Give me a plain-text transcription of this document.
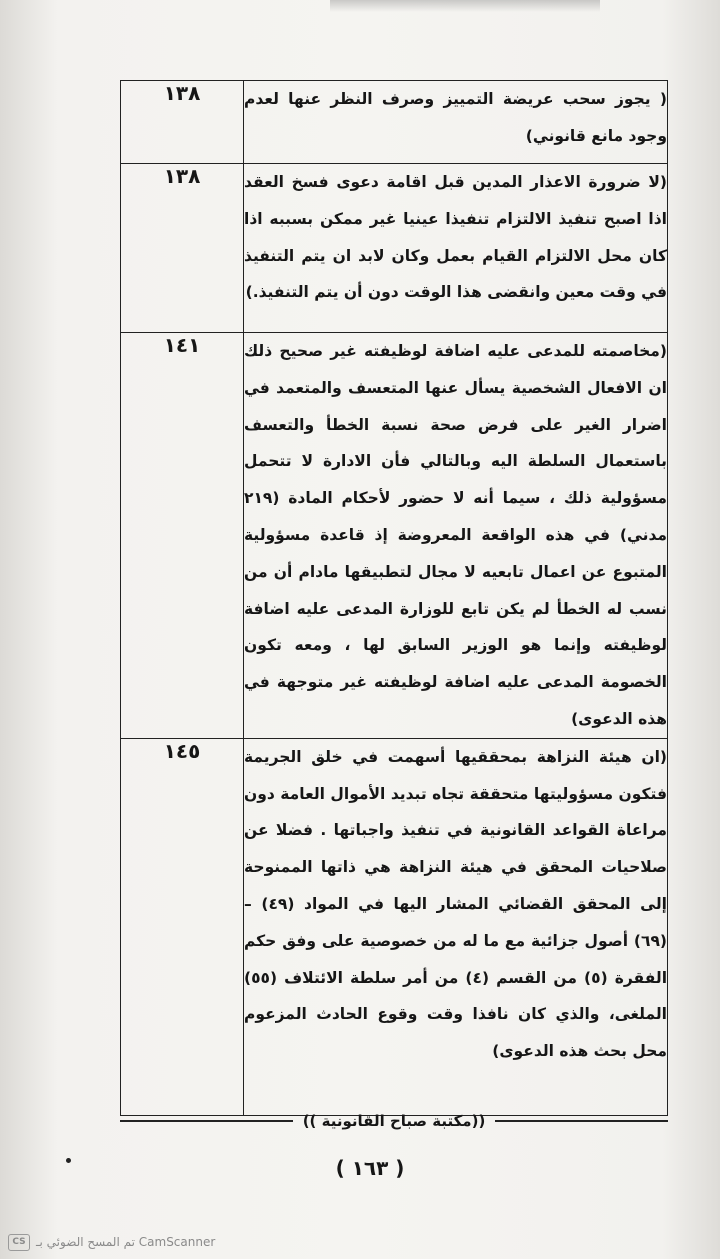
( يجوز سحب عريضة التمييز وصرف النظر عنها لعدم وجود مانع قانوني)	١٣٨
(لا ضرورة الاعذار المدين قبل اقامة دعوى فسخ العقد اذا اصبح تنفيذ الالتزام تنفيذا عينيا غير ممكن بسببه اذا كان محل الالتزام القيام بعمل وكان لابد ان يتم التنفيذ في وقت معين وانقضى هذا الوقت دون أن يتم التنفيذ.)	١٣٨
(مخاصمته للمدعى عليه اضافة لوظيفته غير صحيح ذلك ان الافعال الشخصية يسأل عنها المتعسف والمتعمد في اضرار الغير على فرض صحة نسبة الخطأ والتعسف باستعمال السلطة اليه وبالتالي فأن الادارة لا تتحمل مسؤولية ذلك ، سيما أنه لا حضور لأحكام المادة (٢١٩ مدني) في هذه الواقعة المعروضة إذ قاعدة مسؤولية المتبوع عن اعمال تابعيه لا مجال لتطبيقها مادام أن من نسب له الخطأ لم يكن تابع للوزارة المدعى عليه اضافة لوظيفته وإنما هو الوزير السابق لها ، ومعه تكون الخصومة المدعى عليه اضافة لوظيفته غير متوجهة في هذه الدعوى)	١٤١
(ان هيئة النزاهة بمحققيها أسهمت في خلق الجريمة فتكون مسؤوليتها متحققة تجاه تبديد الأموال العامة دون مراعاة القواعد القانونية في تنفيذ واجباتها . فضلا عن صلاحيات المحقق في هيئة النزاهة هي ذاتها الممنوحة إلى المحقق القضائي المشار اليها في المواد (٤٩) – (٦٩) أصول جزائية مع ما له من خصوصية على وفق حكم الفقرة (٥) من القسم (٤) من أمر سلطة الائتلاف (٥٥) الملغى، والذي كان نافذا وقت وقوع الحادث المزعوم محل بحث هذه الدعوى)	١٤٥
((مكتبة صباح القانونية ))
( ١٦٣ )
CS تم المسح الضوئي بـ CamScanner
